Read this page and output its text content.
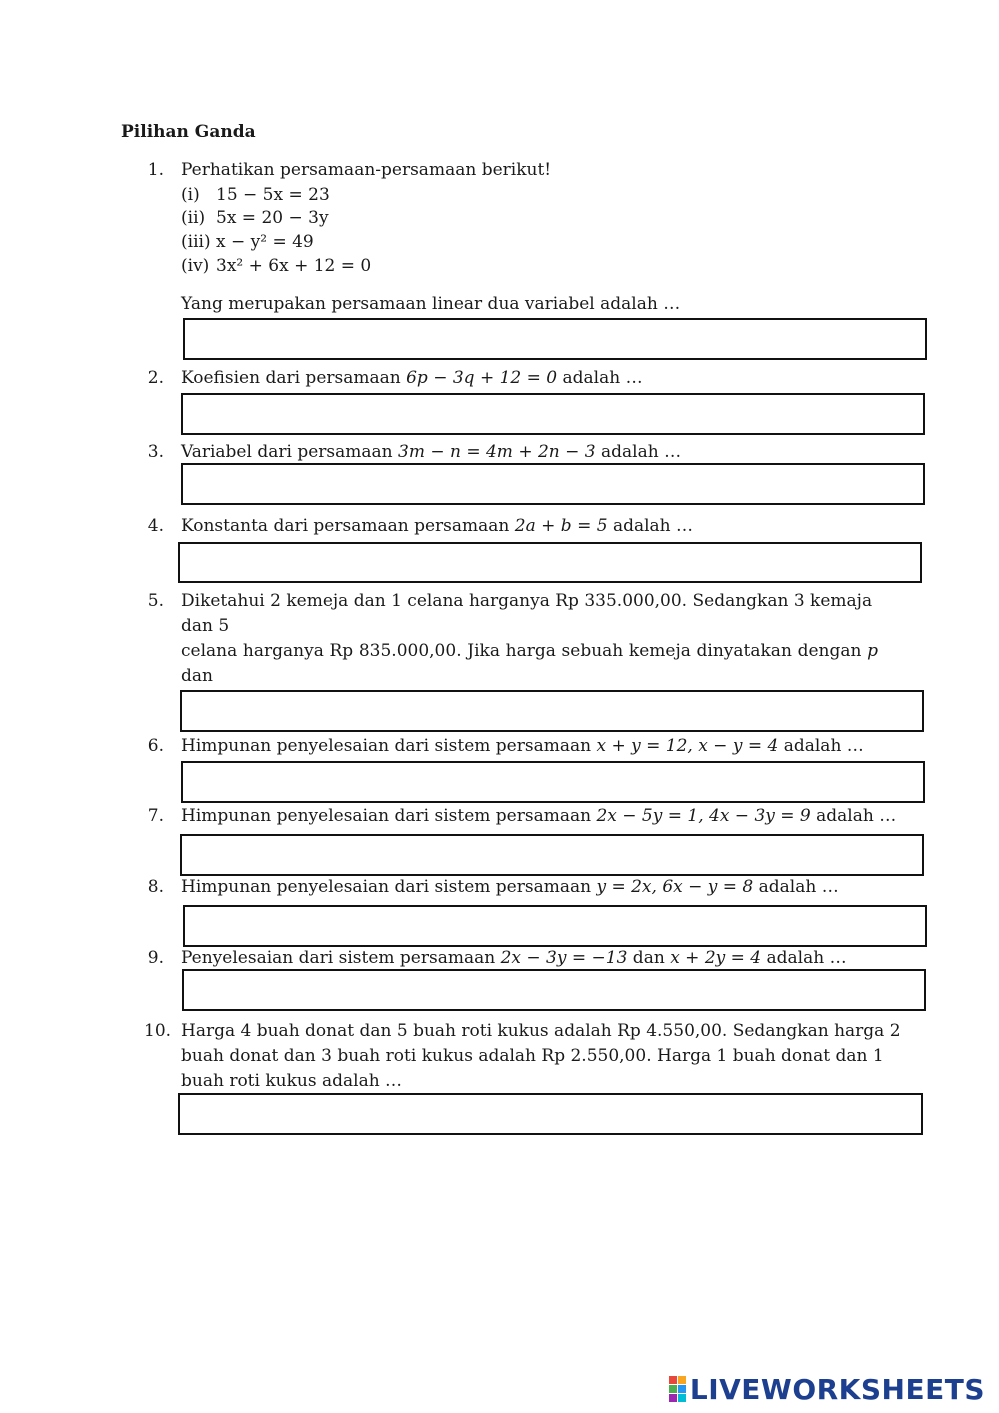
Pilihan Ganda
1. Perhatikan persamaan-persamaan berikut!
(i) 15 − 5x = 23
(ii) 5x = 20 − 3y
(iii) x − y² = 49
(iv) 3x² + 6x + 12 = 0
Yang merupakan persamaan linear dua variabel adalah …
2. Koefisien dari persamaan 6p − 3q + 12 = 0 adalah …
3. Variabel dari persamaan 3m − n = 4m + 2n − 3 adalah …
4. Konstanta dari persamaan persamaan 2a + b = 5 adalah …
5. Diketahui 2 kemeja dan 1 celana harganya Rp 335.000,00. Sedangkan 3 kemaja dan 5
celana harganya Rp 835.000,00. Jika harga sebuah kemeja dinyatakan dengan p dan
6. Himpunan penyelesaian dari sistem persamaan x + y = 12, x − y = 4 adalah …
7. Himpunan penyelesaian dari sistem persamaan 2x − 5y = 1, 4x − 3y = 9 adalah …
8. Himpunan penyelesaian dari sistem persamaan y = 2x, 6x − y = 8 adalah …
9. Penyelesaian dari sistem persamaan 2x − 3y = −13 dan x + 2y = 4 adalah …
10. Harga 4 buah donat dan 5 buah roti kukus adalah Rp 4.550,00. Sedangkan harga 2
buah donat dan 3 buah roti kukus adalah Rp 2.550,00. Harga 1 buah donat dan 1
buah roti kukus adalah …
LIVEWORKSHEETS
